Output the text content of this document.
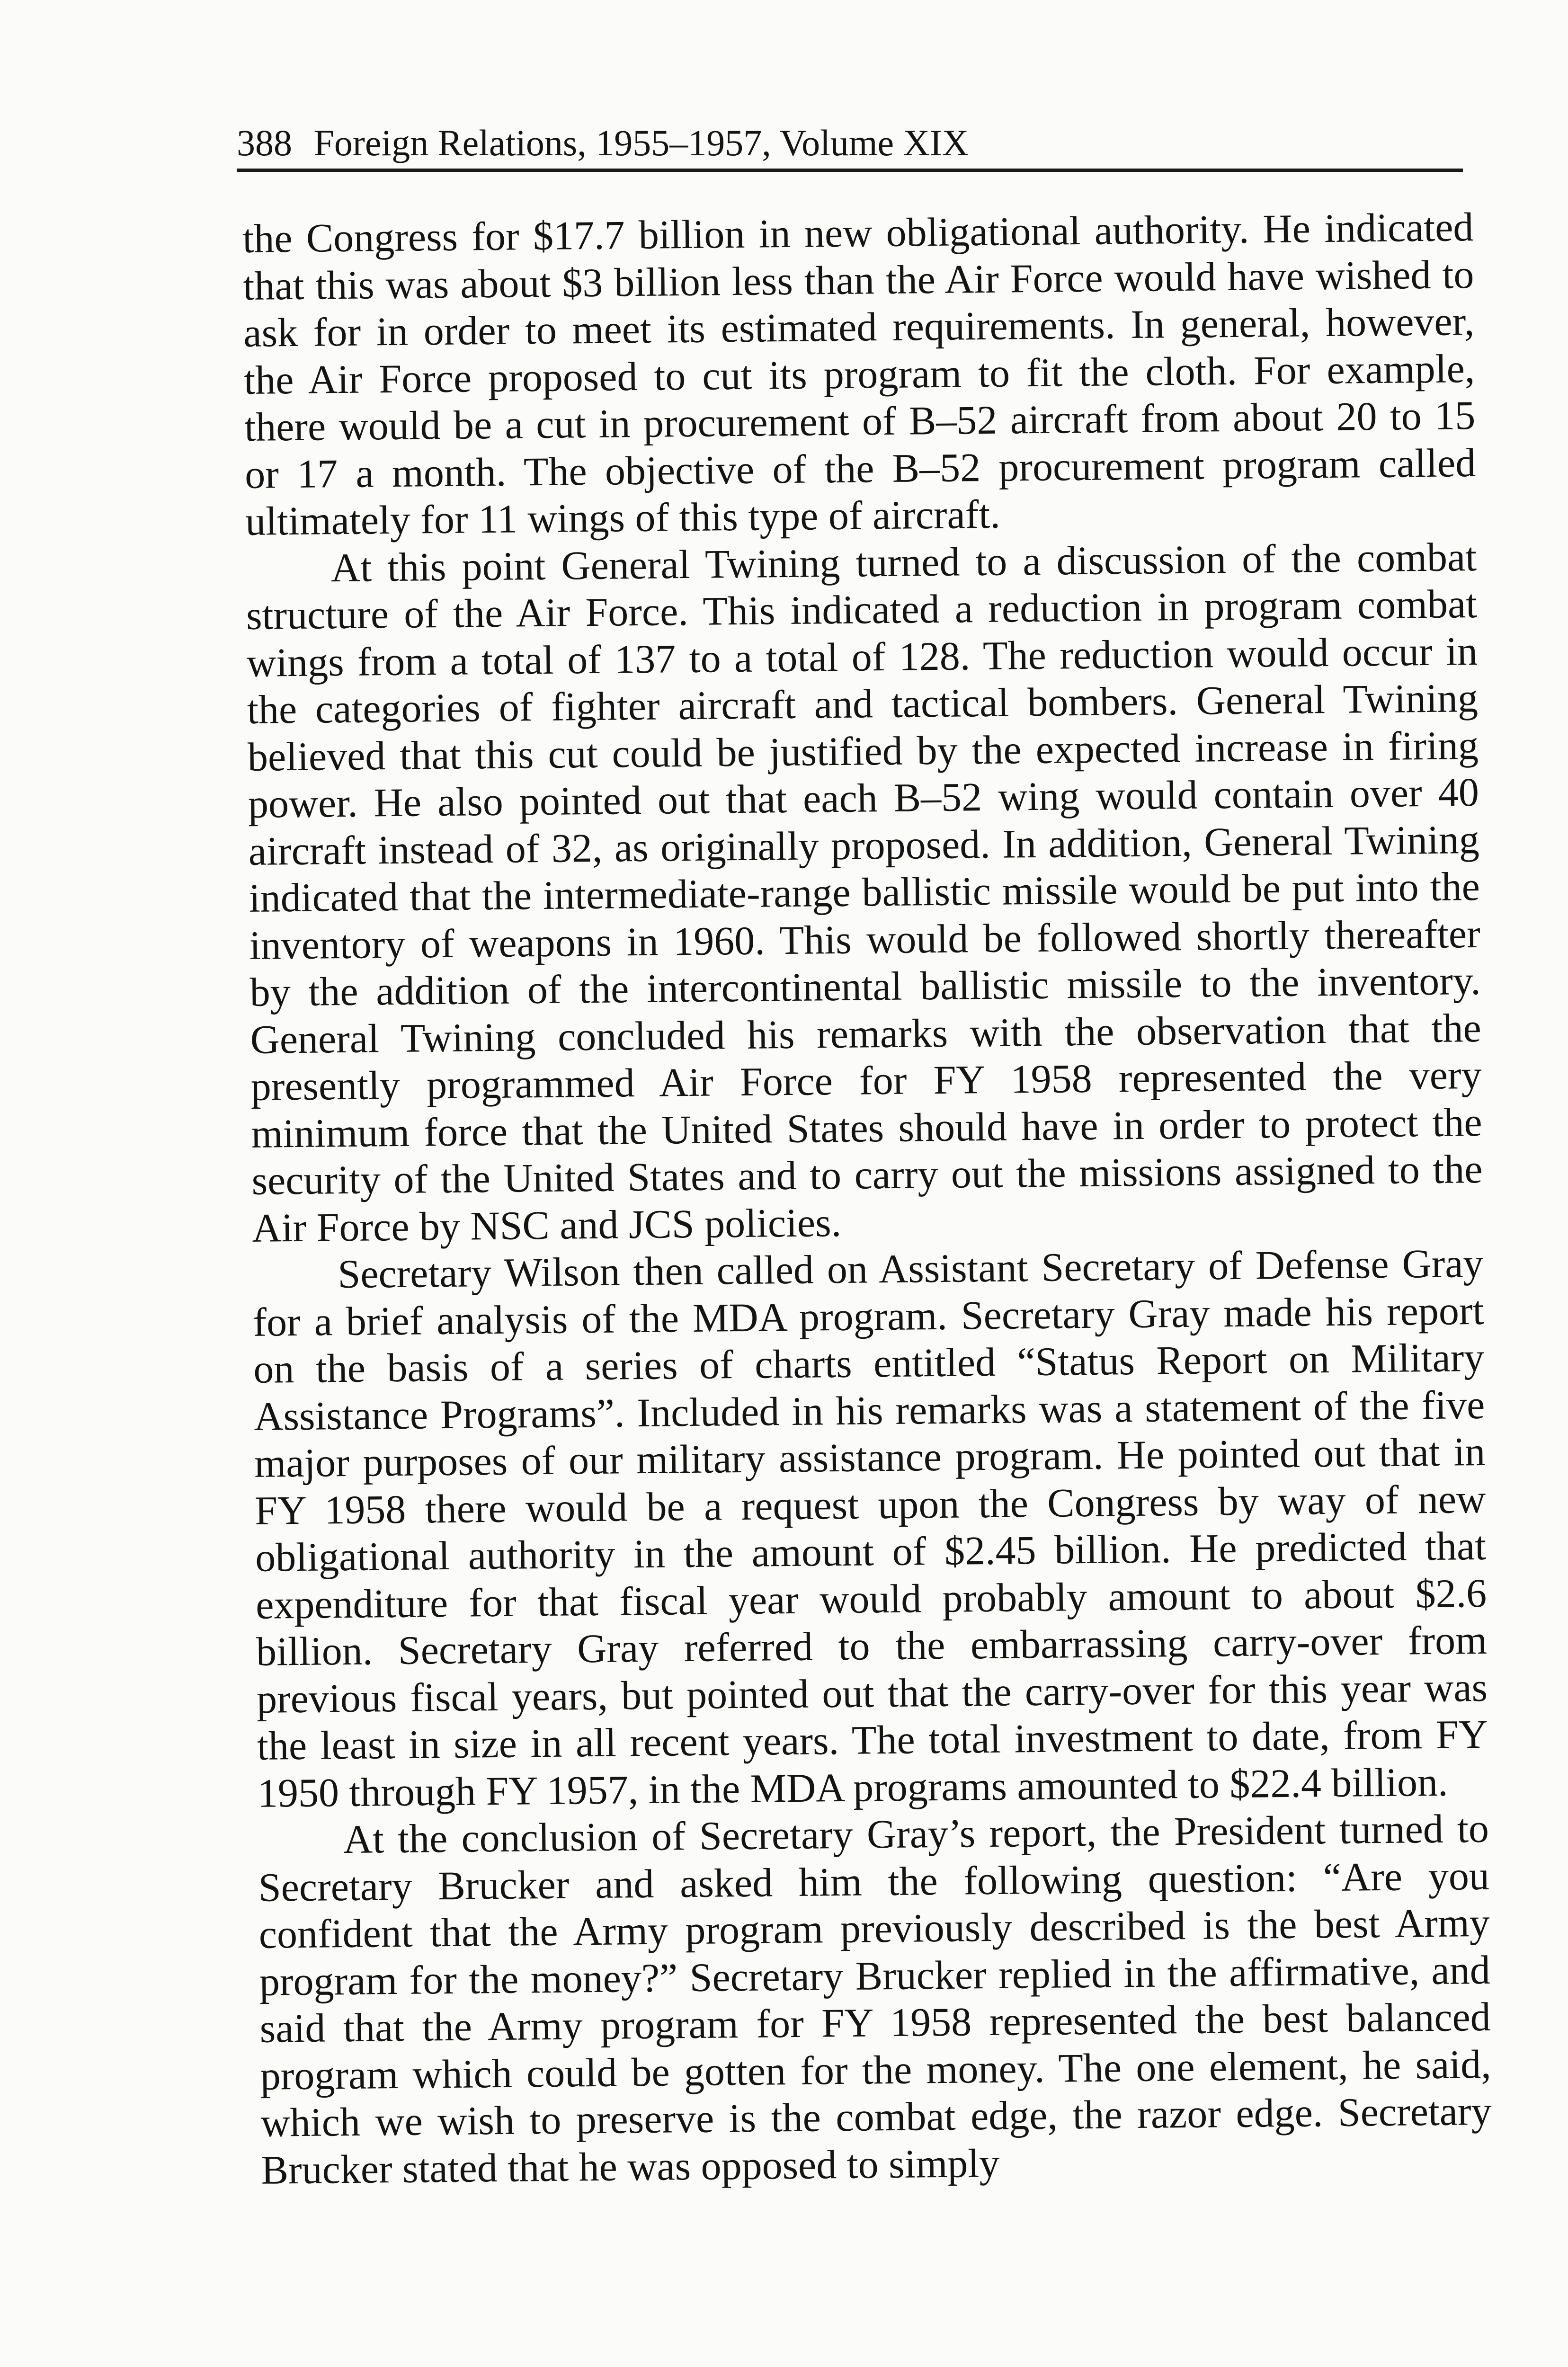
388 Foreign Relations, 1955–1957, Volume XIX

the Congress for $17.7 billion in new obligational authority. He indicated that this was about $3 billion less than the Air Force would have wished to ask for in order to meet its estimated requirements. In general, however, the Air Force proposed to cut its program to fit the cloth. For example, there would be a cut in procurement of B–52 aircraft from about 20 to 15 or 17 a month. The objective of the B–52 procurement program called ultimately for 11 wings of this type of aircraft.

At this point General Twining turned to a discussion of the combat structure of the Air Force. This indicated a reduction in program combat wings from a total of 137 to a total of 128. The reduction would occur in the categories of fighter aircraft and tactical bombers. General Twining believed that this cut could be justified by the expected increase in firing power. He also pointed out that each B–52 wing would contain over 40 aircraft instead of 32, as originally proposed. In addition, General Twining indicated that the intermediate-range ballistic missile would be put into the inventory of weapons in 1960. This would be followed shortly thereafter by the addition of the intercontinental ballistic missile to the inventory. General Twining concluded his remarks with the observation that the presently programmed Air Force for FY 1958 represented the very minimum force that the United States should have in order to protect the security of the United States and to carry out the missions assigned to the Air Force by NSC and JCS policies.

Secretary Wilson then called on Assistant Secretary of Defense Gray for a brief analysis of the MDA program. Secretary Gray made his report on the basis of a series of charts entitled “Status Report on Military Assistance Programs”. Included in his remarks was a statement of the five major purposes of our military assistance program. He pointed out that in FY 1958 there would be a request upon the Congress by way of new obligational authority in the amount of $2.45 billion. He predicted that expenditure for that fiscal year would probably amount to about $2.6 billion. Secretary Gray referred to the embarrassing carry-over from previous fiscal years, but pointed out that the carry-over for this year was the least in size in all recent years. The total investment to date, from FY 1950 through FY 1957, in the MDA programs amounted to $22.4 billion.

At the conclusion of Secretary Gray’s report, the President turned to Secretary Brucker and asked him the following question: “Are you confident that the Army program previously described is the best Army program for the money?” Secretary Brucker replied in the affirmative, and said that the Army program for FY 1958 represented the best balanced program which could be gotten for the money. The one element, he said, which we wish to preserve is the combat edge, the razor edge. Secretary Brucker stated that he was opposed to simply
